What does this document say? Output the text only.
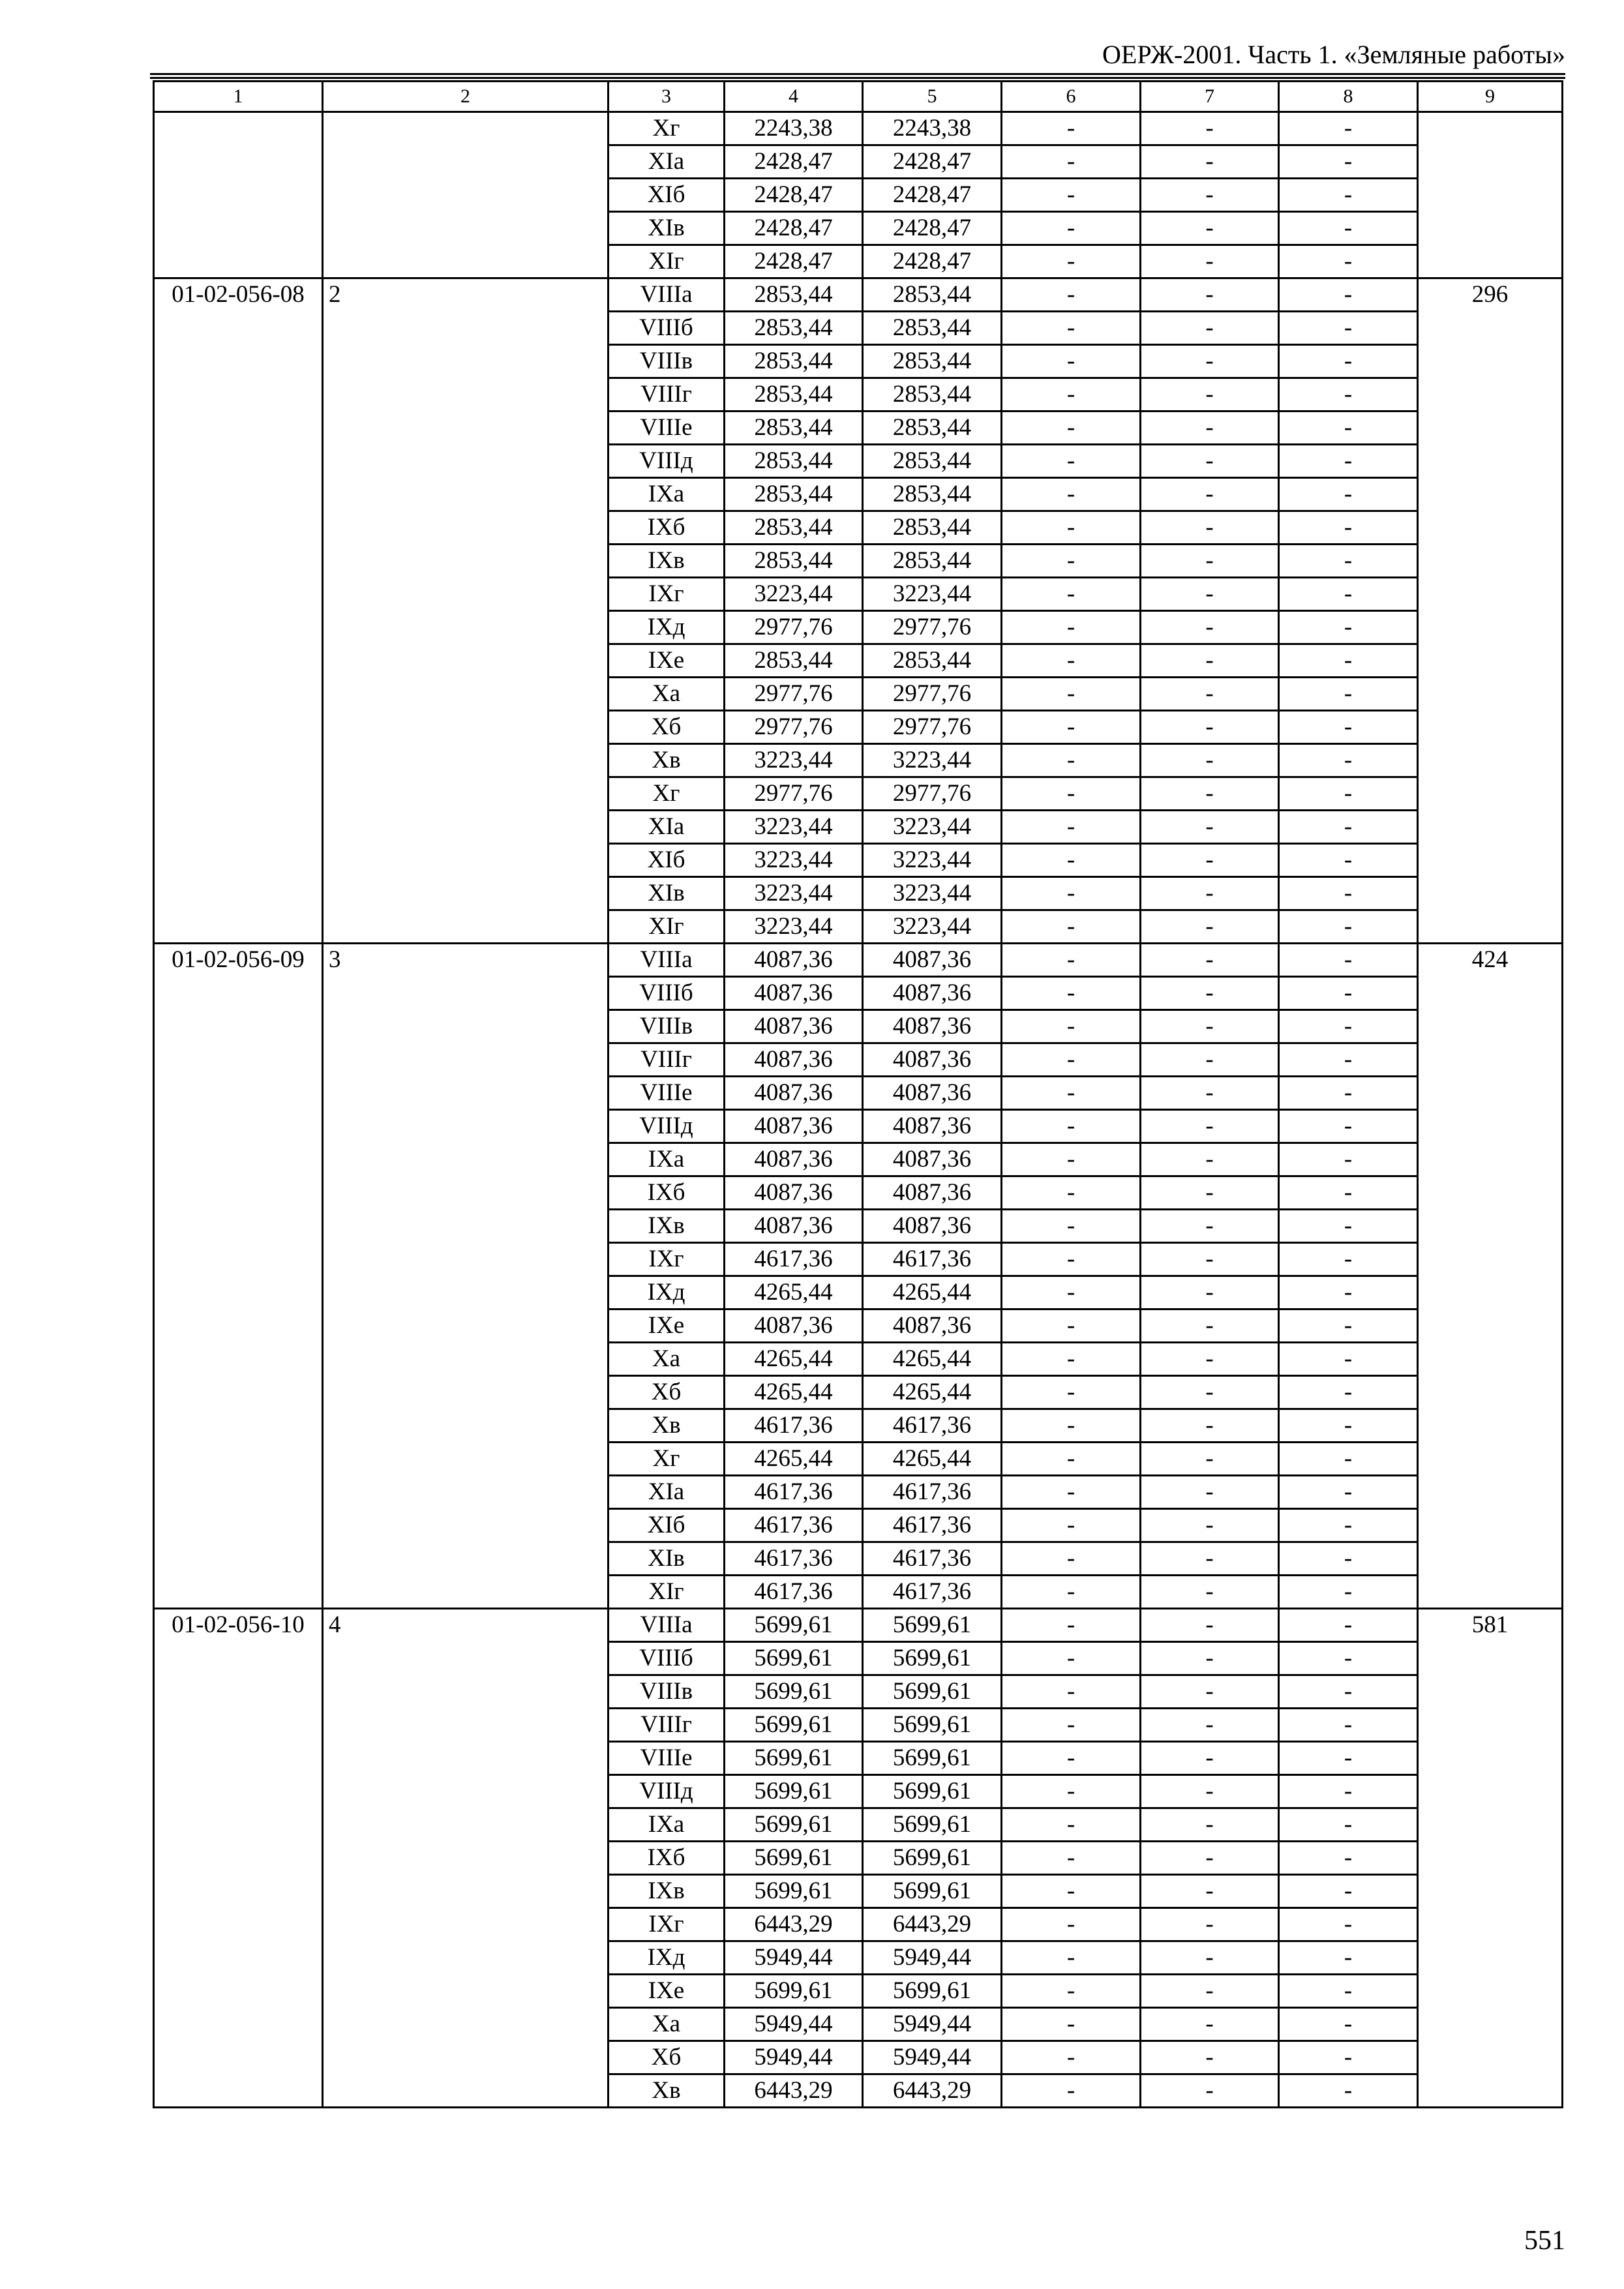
ОЕРЖ-2001. Часть 1. «Земляные работы»
1	2	3	4	5	6	7	8	9
		Xг	2243,38	2243,38	-	-	-	
		XIа	2428,47	2428,47	-	-	-	
		XIб	2428,47	2428,47	-	-	-	
		XIв	2428,47	2428,47	-	-	-	
		XIг	2428,47	2428,47	-	-	-	
01-02-056-08	2	VIIIа	2853,44	2853,44	-	-	-	296
		VIIIб	2853,44	2853,44	-	-	-	
		VIIIв	2853,44	2853,44	-	-	-	
		VIIIг	2853,44	2853,44	-	-	-	
		VIIIе	2853,44	2853,44	-	-	-	
		VIIIд	2853,44	2853,44	-	-	-	
		IXа	2853,44	2853,44	-	-	-	
		IXб	2853,44	2853,44	-	-	-	
		IXв	2853,44	2853,44	-	-	-	
		IXг	3223,44	3223,44	-	-	-	
		IXд	2977,76	2977,76	-	-	-	
		IXе	2853,44	2853,44	-	-	-	
		Xа	2977,76	2977,76	-	-	-	
		Xб	2977,76	2977,76	-	-	-	
		Xв	3223,44	3223,44	-	-	-	
		Xг	2977,76	2977,76	-	-	-	
		XIа	3223,44	3223,44	-	-	-	
		XIб	3223,44	3223,44	-	-	-	
		XIв	3223,44	3223,44	-	-	-	
		XIг	3223,44	3223,44	-	-	-	
01-02-056-09	3	VIIIа	4087,36	4087,36	-	-	-	424
		VIIIб	4087,36	4087,36	-	-	-	
		VIIIв	4087,36	4087,36	-	-	-	
		VIIIг	4087,36	4087,36	-	-	-	
		VIIIе	4087,36	4087,36	-	-	-	
		VIIIд	4087,36	4087,36	-	-	-	
		IXа	4087,36	4087,36	-	-	-	
		IXб	4087,36	4087,36	-	-	-	
		IXв	4087,36	4087,36	-	-	-	
		IXг	4617,36	4617,36	-	-	-	
		IXд	4265,44	4265,44	-	-	-	
		IXе	4087,36	4087,36	-	-	-	
		Xа	4265,44	4265,44	-	-	-	
		Xб	4265,44	4265,44	-	-	-	
		Xв	4617,36	4617,36	-	-	-	
		Xг	4265,44	4265,44	-	-	-	
		XIа	4617,36	4617,36	-	-	-	
		XIб	4617,36	4617,36	-	-	-	
		XIв	4617,36	4617,36	-	-	-	
		XIг	4617,36	4617,36	-	-	-	
01-02-056-10	4	VIIIа	5699,61	5699,61	-	-	-	581
		VIIIб	5699,61	5699,61	-	-	-	
		VIIIв	5699,61	5699,61	-	-	-	
		VIIIг	5699,61	5699,61	-	-	-	
		VIIIе	5699,61	5699,61	-	-	-	
		VIIIд	5699,61	5699,61	-	-	-	
		IXа	5699,61	5699,61	-	-	-	
		IXб	5699,61	5699,61	-	-	-	
		IXв	5699,61	5699,61	-	-	-	
		IXг	6443,29	6443,29	-	-	-	
		IXд	5949,44	5949,44	-	-	-	
		IXе	5699,61	5699,61	-	-	-	
		Xа	5949,44	5949,44	-	-	-	
		Xб	5949,44	5949,44	-	-	-	
		Xв	6443,29	6443,29	-	-	-	
551
